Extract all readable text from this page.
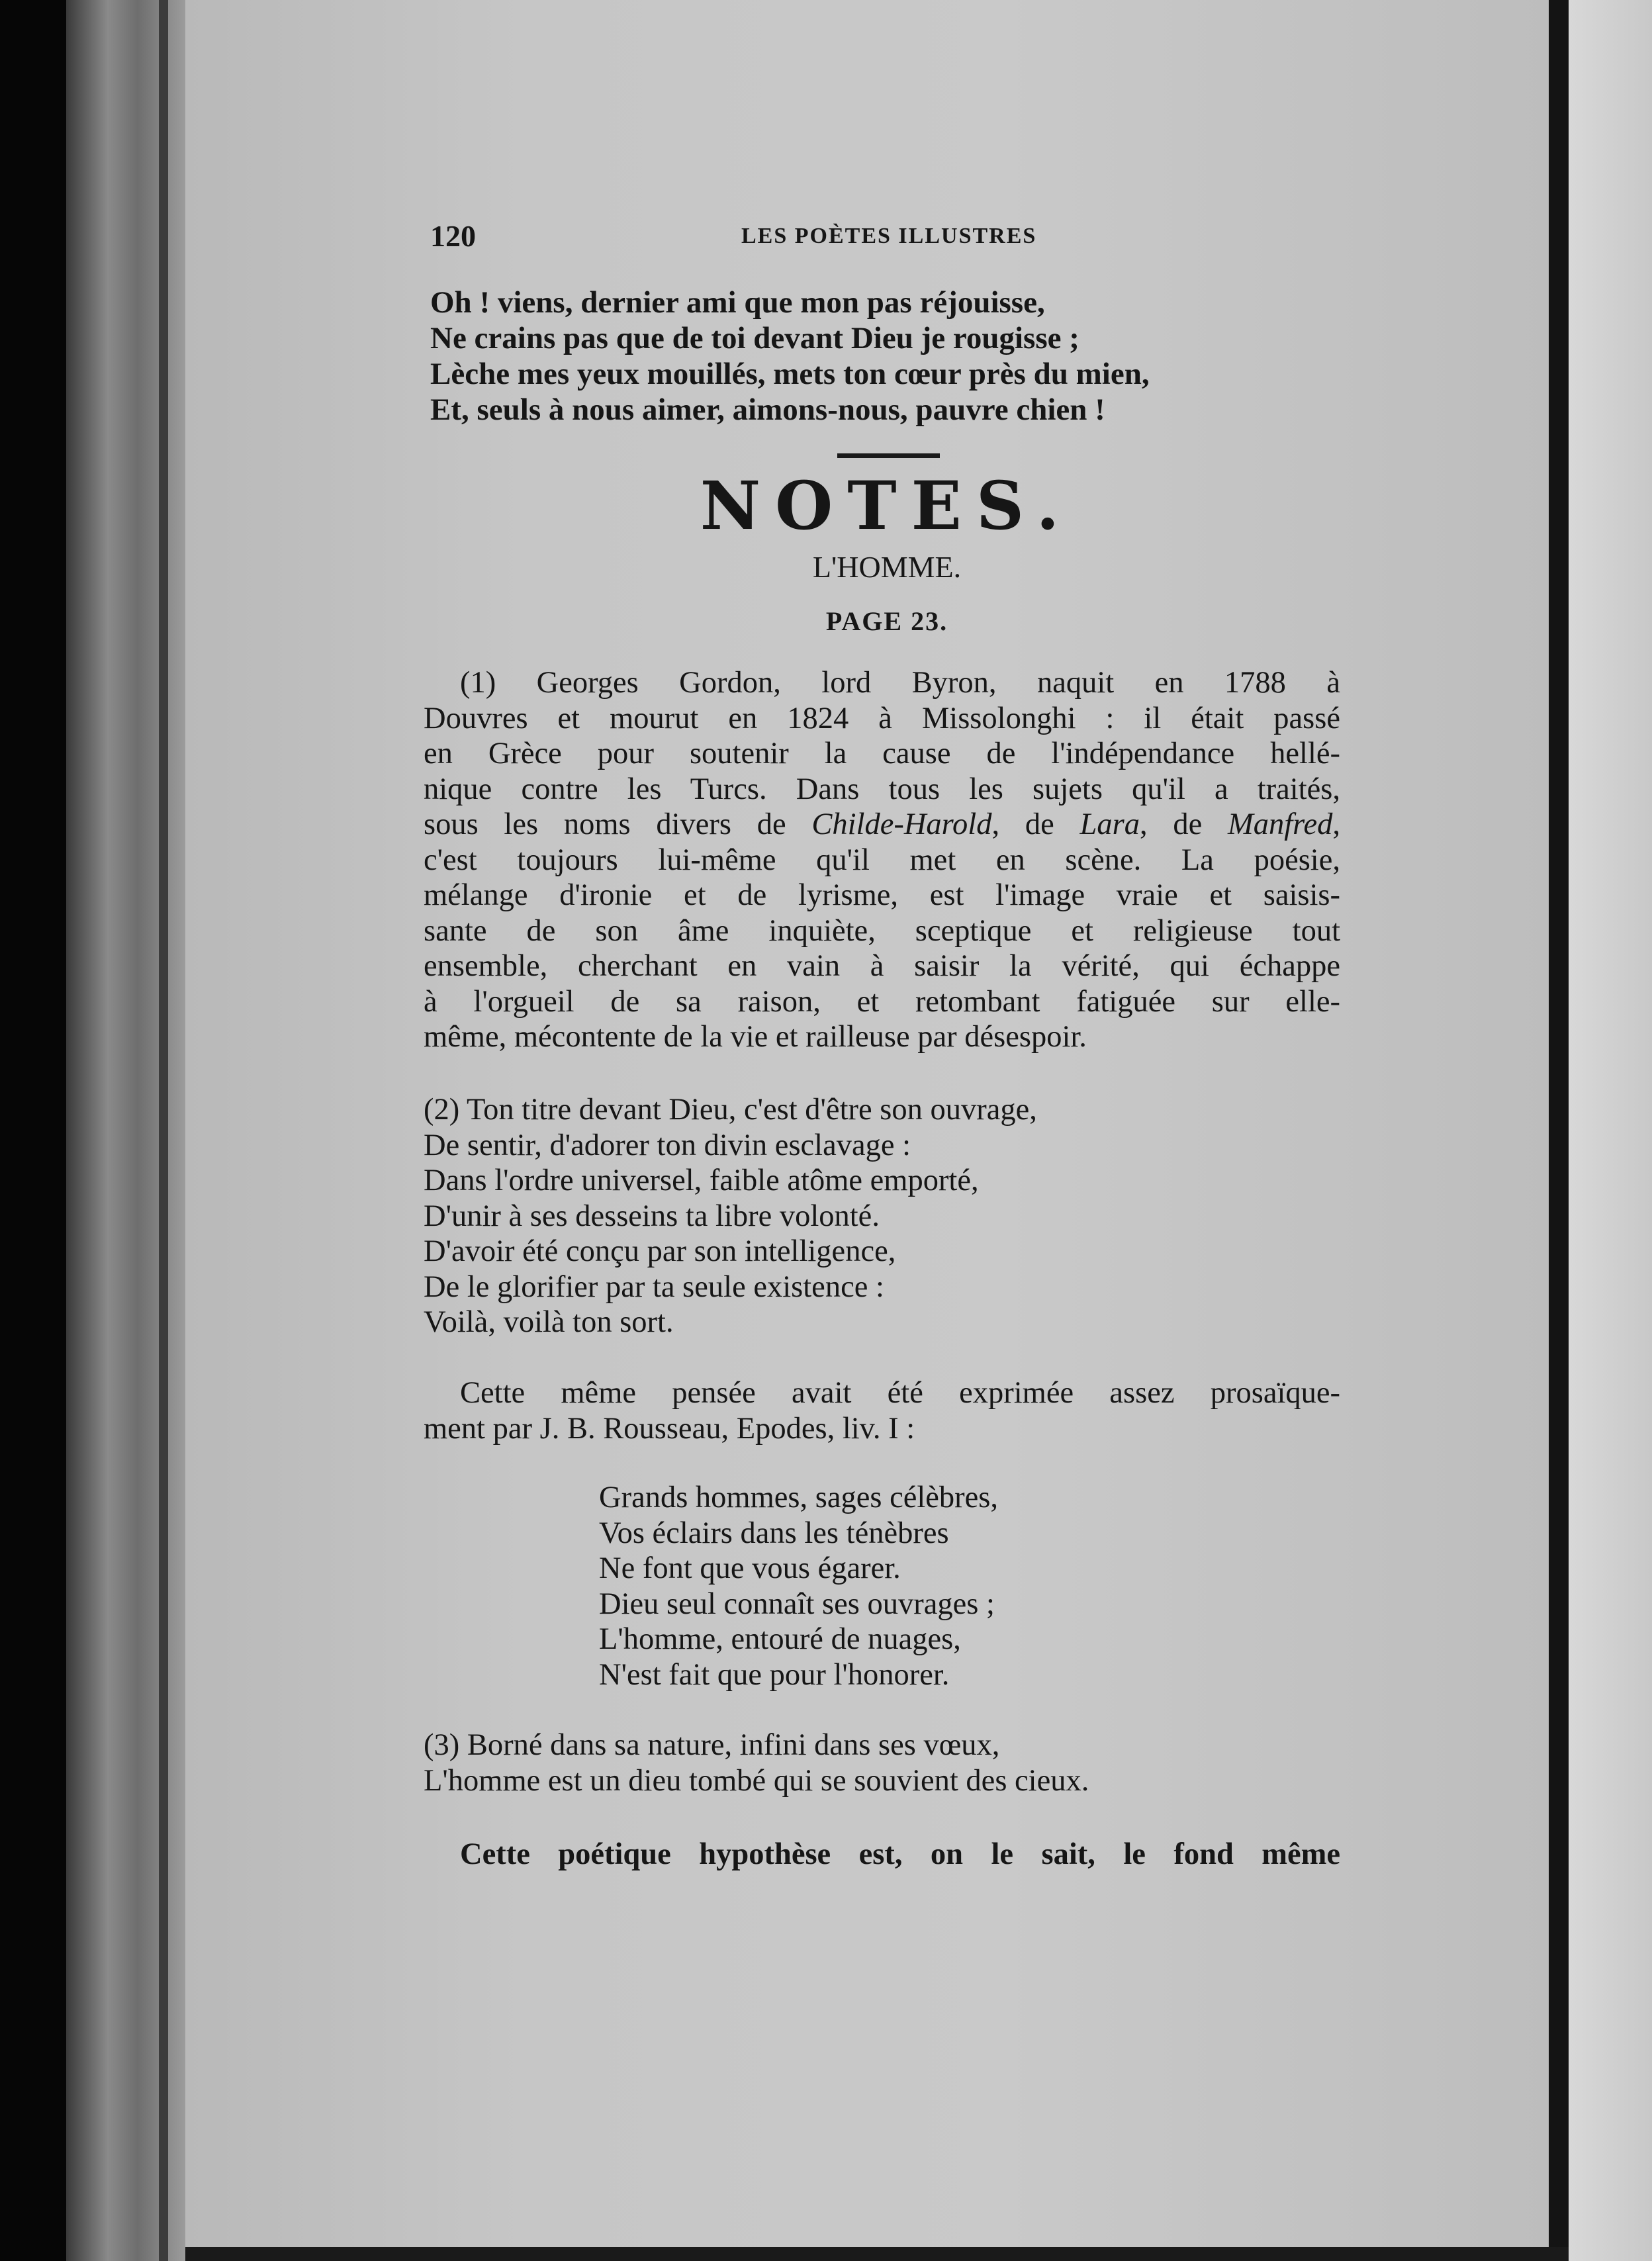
120	LES POÈTES ILLUSTRES
Oh ! viens, dernier ami que mon pas réjouisse,
Ne crains pas que de toi devant Dieu je rougisse ;
Lèche mes yeux mouillés, mets ton cœur près du mien,
Et, seuls à nous aimer, aimons-nous, pauvre chien !
NOTES.
L'HOMME.
PAGE 23.
(1) Georges Gordon, lord Byron, naquit en 1788 à
Douvres et mourut en 1824 à Missolonghi : il était passé
en Grèce pour soutenir la cause de l'indépendance hellé-
nique contre les Turcs. Dans tous les sujets qu'il a traités,
sous les noms divers de Childe-Harold, de Lara, de Manfred,
c'est toujours lui-même qu'il met en scène. La poésie,
mélange d'ironie et de lyrisme, est l'image vraie et saisis-
sante de son âme inquiète, sceptique et religieuse tout
ensemble, cherchant en vain à saisir la vérité, qui échappe
à l'orgueil de sa raison, et retombant fatiguée sur elle-
même, mécontente de la vie et railleuse par désespoir.
(2) Ton titre devant Dieu, c'est d'être son ouvrage,
De sentir, d'adorer ton divin esclavage :
Dans l'ordre universel, faible atôme emporté,
D'unir à ses desseins ta libre volonté.
D'avoir été conçu par son intelligence,
De le glorifier par ta seule existence :
Voilà, voilà ton sort.
Cette même pensée avait été exprimée assez prosaïque-
ment par J. B. Rousseau, Epodes, liv. I :
Grands hommes, sages célèbres,
Vos éclairs dans les ténèbres
Ne font que vous égarer.
Dieu seul connaît ses ouvrages ;
L'homme, entouré de nuages,
N'est fait que pour l'honorer.
(3) Borné dans sa nature, infini dans ses vœux,
L'homme est un dieu tombé qui se souvient des cieux.
Cette poétique hypothèse est, on le sait, le fond même
